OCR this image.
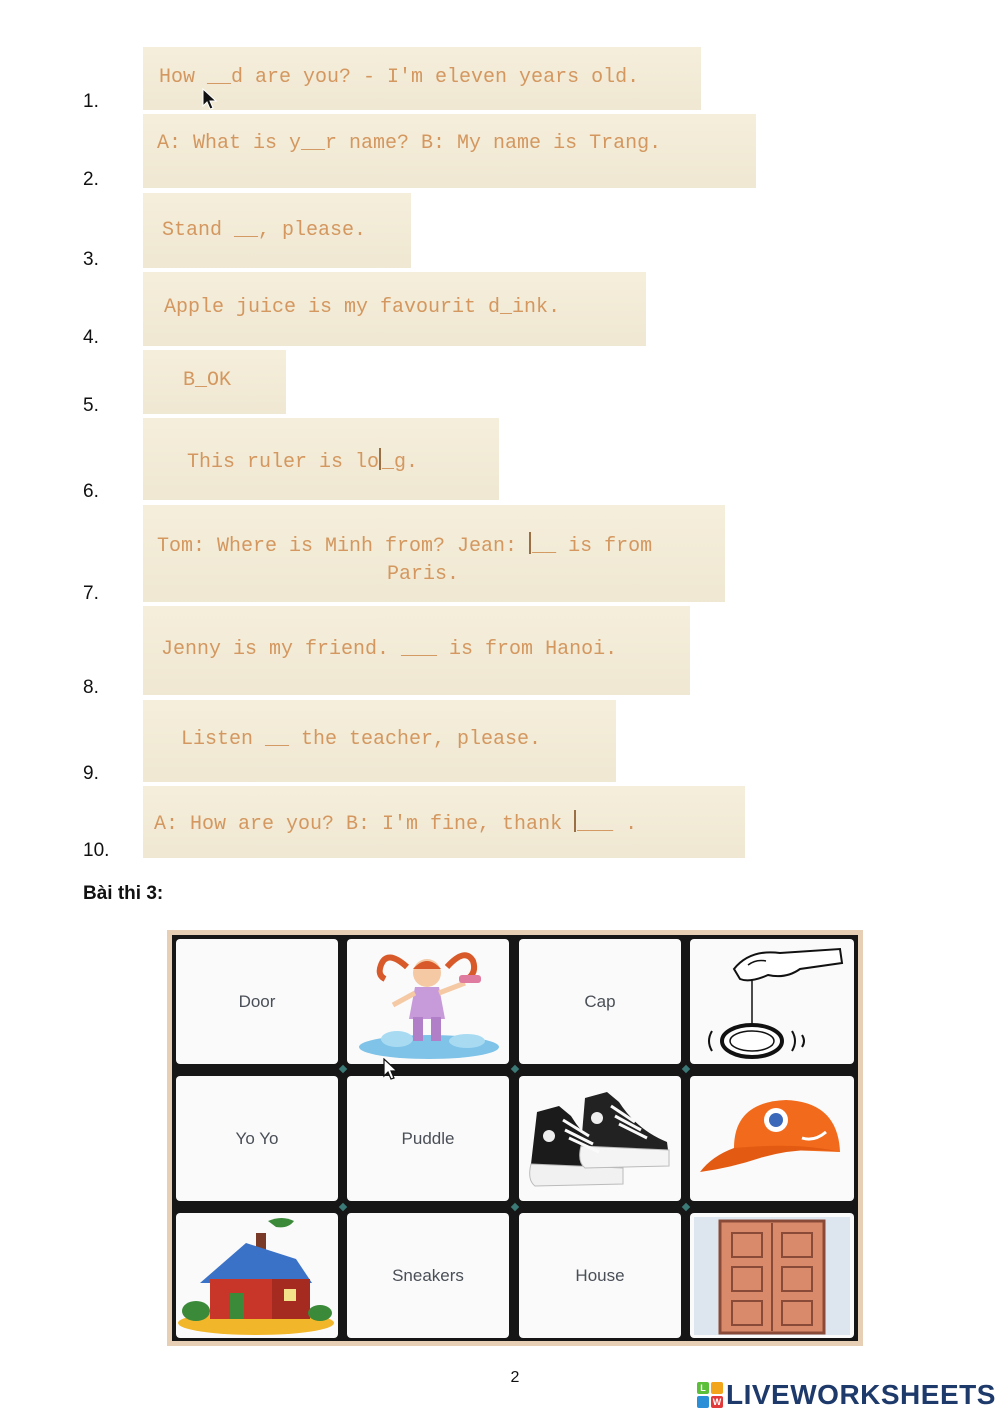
1.
2.
3.
4.
5.
6.
7.
8.
9.
10.
How __d are you? - I'm eleven years old.
A: What is y__r name? B: My name is Trang.
Stand __, please.
Apple juice is my favourit d_ink.
B_OK
This ruler is lo _g.
Tom: Where is Minh from? Jean: __ is from
Paris.
Jenny is my friend. ___ is from Hanoi.
Listen __ the teacher, please.
A: How are you? B: I'm fine, thank ___ .
Bài thi 3:
Door	Cap
Yo Yo	Puddle
Sneakers	House
2
L
W LIVEWORKSHEETS
